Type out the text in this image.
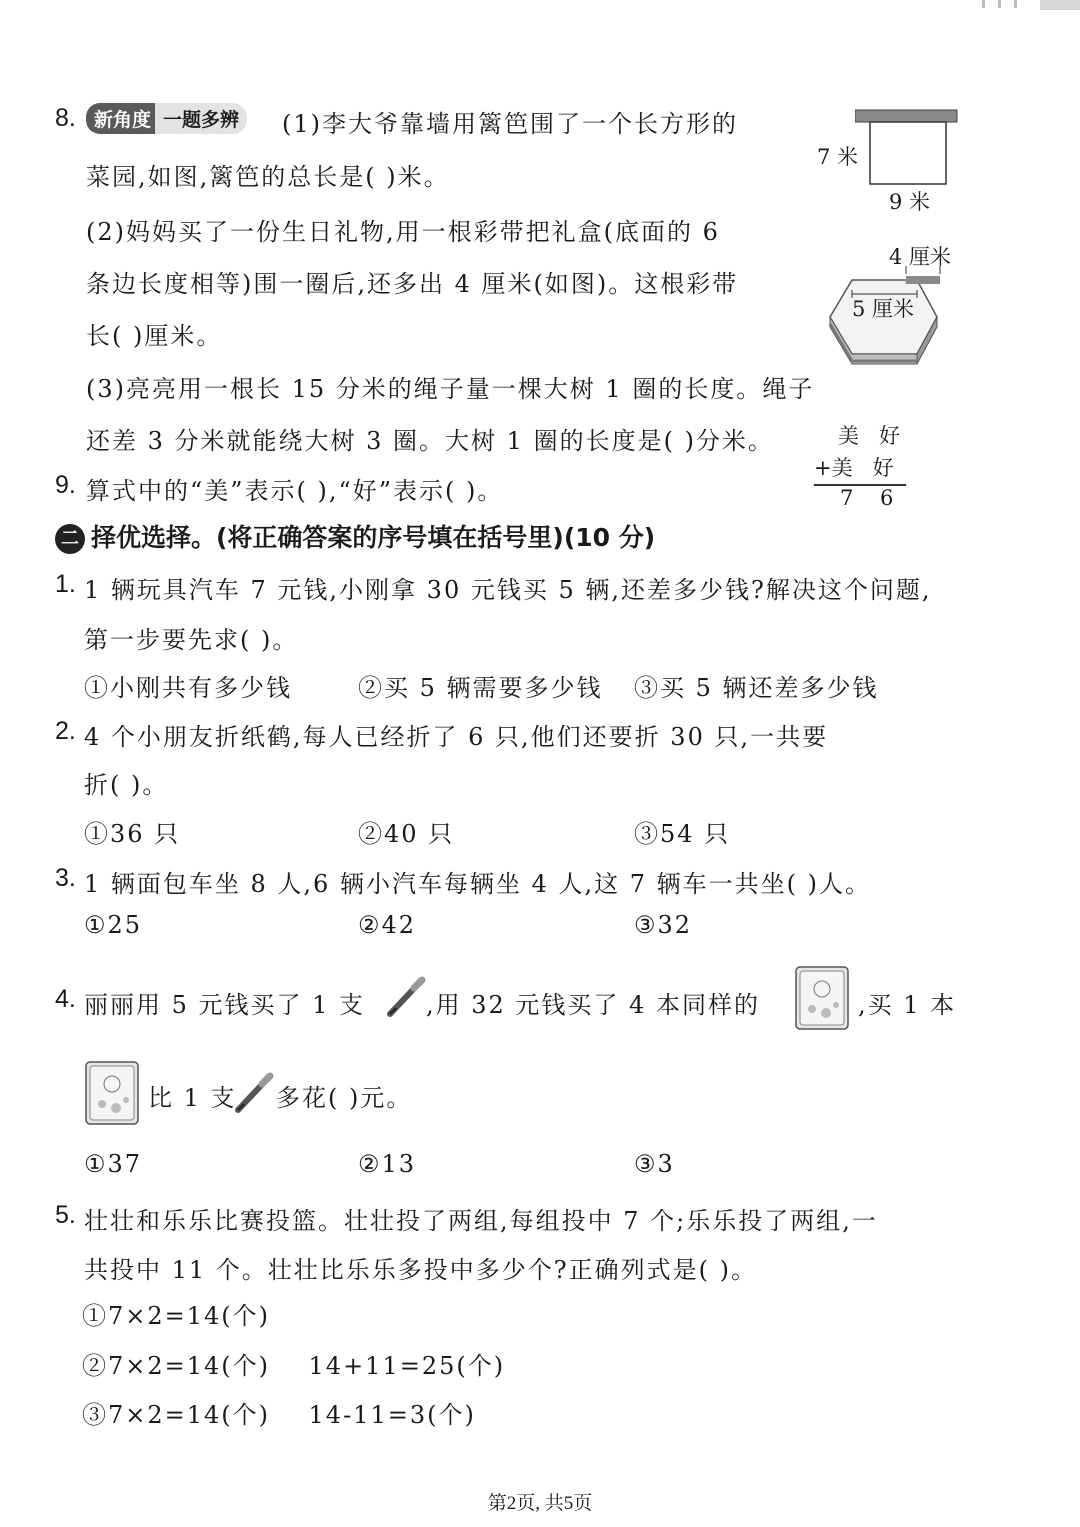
8. 新角度 一题多辨	(1)李大爷靠墙用篱笆围了一个长方形的
菜园,如图,篱笆的总长是( )米。
(2)妈妈买了一份生日礼物,用一根彩带把礼盒(底面的 6
条边长度相等)围一圈后,还多出 4 厘米(如图)。这根彩带
长( )厘米。
(3)亮亮用一根长 15 分米的绳子量一棵大树 1 圈的长度。绳子
还差 3 分米就能绕大树 3 圈。大树 1 圈的长度是( )分米。
7 米
9 米
4 厘米
5 厘米
9. 算式中的“美”表示( ),“好”表示( )。
美   好
+美   好
7    6
二 择优选择。(将正确答案的序号填在括号里)(10 分)
1. 1 辆玩具汽车 7 元钱,小刚拿 30 元钱买 5 辆,还差多少钱?解决这个问题,
第一步要先求( )。
①小刚共有多少钱	②买 5 辆需要多少钱 ③买 5 辆还差多少钱
2. 4 个小朋友折纸鹤,每人已经折了 6 只,他们还要折 30 只,一共要
折( )。
①36 只	②40 只	③54 只
3. 1 辆面包车坐 8 人,6 辆小汽车每辆坐 4 人,这 7 辆车一共坐( )人。
①25	②42	③32
4. 丽丽用 5 元钱买了 1 支	,用 32 元钱买了 4 本同样的	,买 1 本
比 1 支 多花( )元。
①37	②13	③3
5. 壮壮和乐乐比赛投篮。壮壮投了两组,每组投中 7 个;乐乐投了两组,一
共投中 11 个。壮壮比乐乐多投中多少个?正确列式是( )。
①7×2=14(个)
②7×2=14(个)    14+11=25(个)
③7×2=14(个)    14-11=3(个)
第2页, 共5页
